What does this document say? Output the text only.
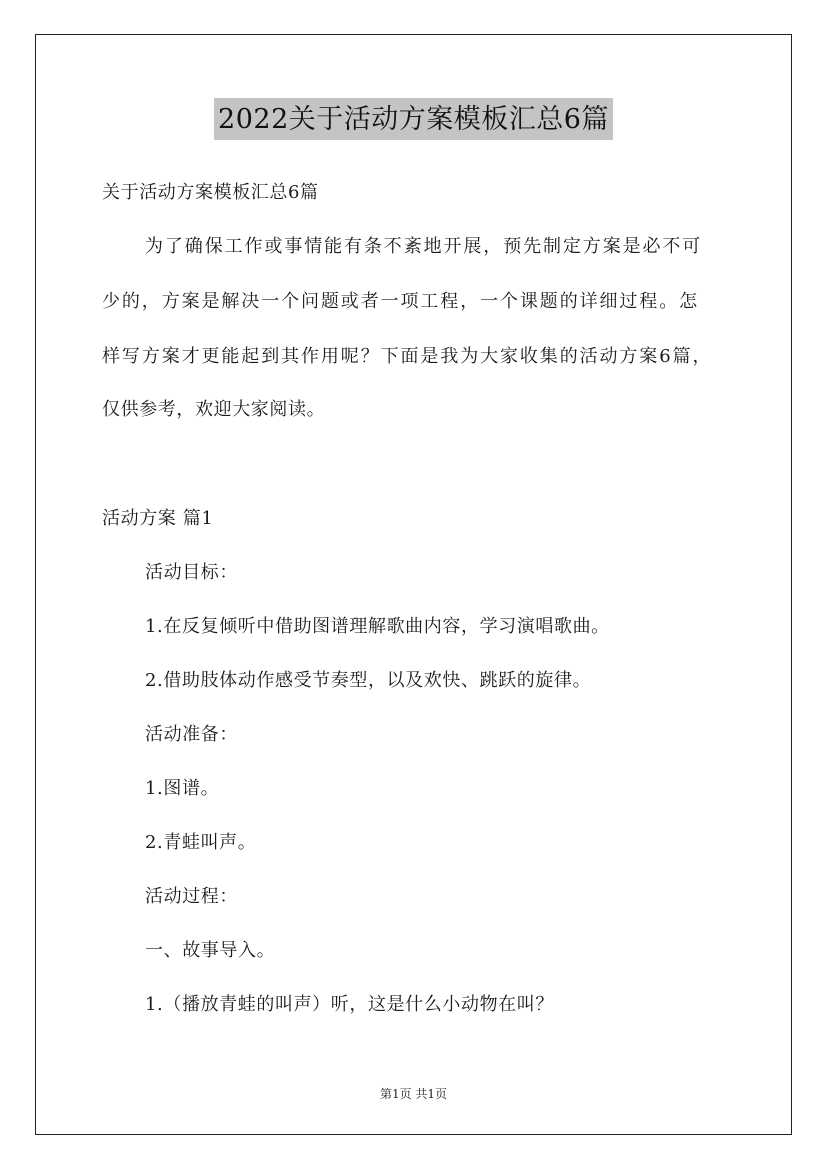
2022关于活动方案模板汇总6篇
关于活动方案模板汇总6篇
为了确保工作或事情能有条不紊地开展，预先制定方案是必不可
少的，方案是解决一个问题或者一项工程，一个课题的详细过程。怎
样写方案才更能起到其作用呢？下面是我为大家收集的活动方案6篇，
仅供参考，欢迎大家阅读。
活动方案 篇1
活动目标：
1.在反复倾听中借助图谱理解歌曲内容，学习演唱歌曲。
2.借助肢体动作感受节奏型，以及欢快、跳跃的旋律。
活动准备：
1.图谱。
2.青蛙叫声。
活动过程：
一、故事导入。
1.（播放青蛙的叫声）听，这是什么小动物在叫？
第1页 共1页
